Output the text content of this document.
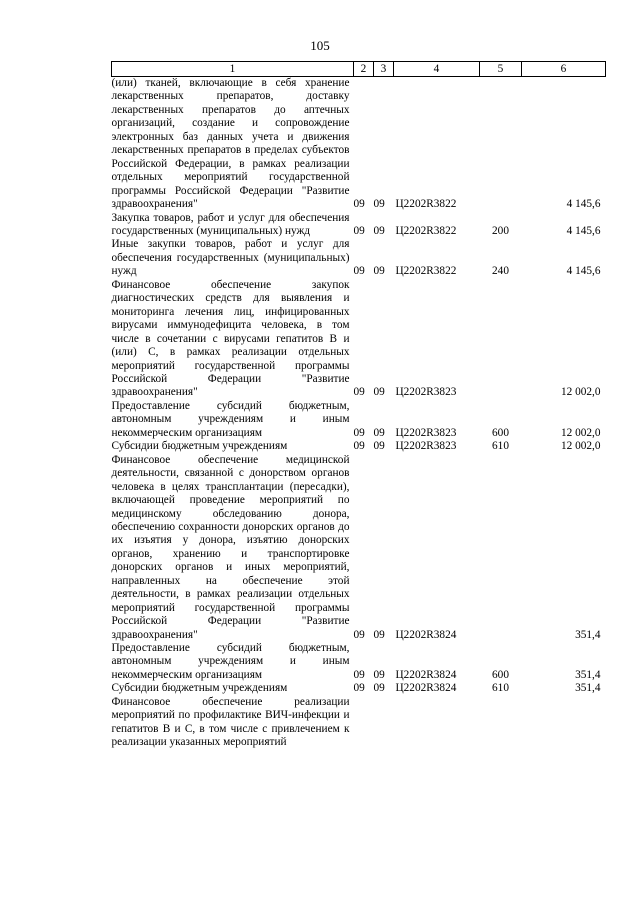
105
1	2	3	4	5	6
(или) тканей, включающие в себя хранение лекарственных препаратов, доставку лекарственных препаратов до аптечных организаций, создание и сопровождение электронных баз данных учета и движения лекарственных препаратов в пределах субъектов Российской Федерации, в рамках реализации отдельных мероприятий государственной программы Российской Федерации "Развитие здравоохранения"	09	09	Ц2202R3822		4 145,6
Закупка товаров, работ и услуг для обеспечения государственных (муниципальных) нужд	09	09	Ц2202R3822	200	4 145,6
Иные закупки товаров, работ и услуг для обеспечения государственных (муниципальных) нужд	09	09	Ц2202R3822	240	4 145,6
Финансовое обеспечение закупок диагностических средств для выявления и мониторинга лечения лиц, инфицированных вирусами иммунодефицита человека, в том числе в сочетании с вирусами гепатитов В и (или) С, в рамках реализации отдельных мероприятий государственной программы Российской Федерации "Развитие здравоохранения"	09	09	Ц2202R3823		12 002,0
Предоставление субсидий бюджетным, автономным учреждениям и иным некоммерческим организациям	09	09	Ц2202R3823	600	12 002,0
Субсидии бюджетным учреждениям	09	09	Ц2202R3823	610	12 002,0
Финансовое обеспечение медицинской деятельности, связанной с донорством органов человека в целях трансплантации (пересадки), включающей проведение мероприятий по медицинскому обследованию донора, обеспечению сохранности донорских органов до их изъятия у донора, изъятию донорских органов, хранению и транспортировке донорских органов и иных мероприятий, направленных на обеспечение этой деятельности, в рамках реализации отдельных мероприятий государственной программы Российской Федерации "Развитие здравоохранения"	09	09	Ц2202R3824		351,4
Предоставление субсидий бюджетным, автономным учреждениям и иным некоммерческим организациям	09	09	Ц2202R3824	600	351,4
Субсидии бюджетным учреждениям	09	09	Ц2202R3824	610	351,4
Финансовое обеспечение реализации мероприятий по профилактике ВИЧ-инфекции и гепатитов В и С, в том числе с привлечением к реализации указанных мероприятий					
